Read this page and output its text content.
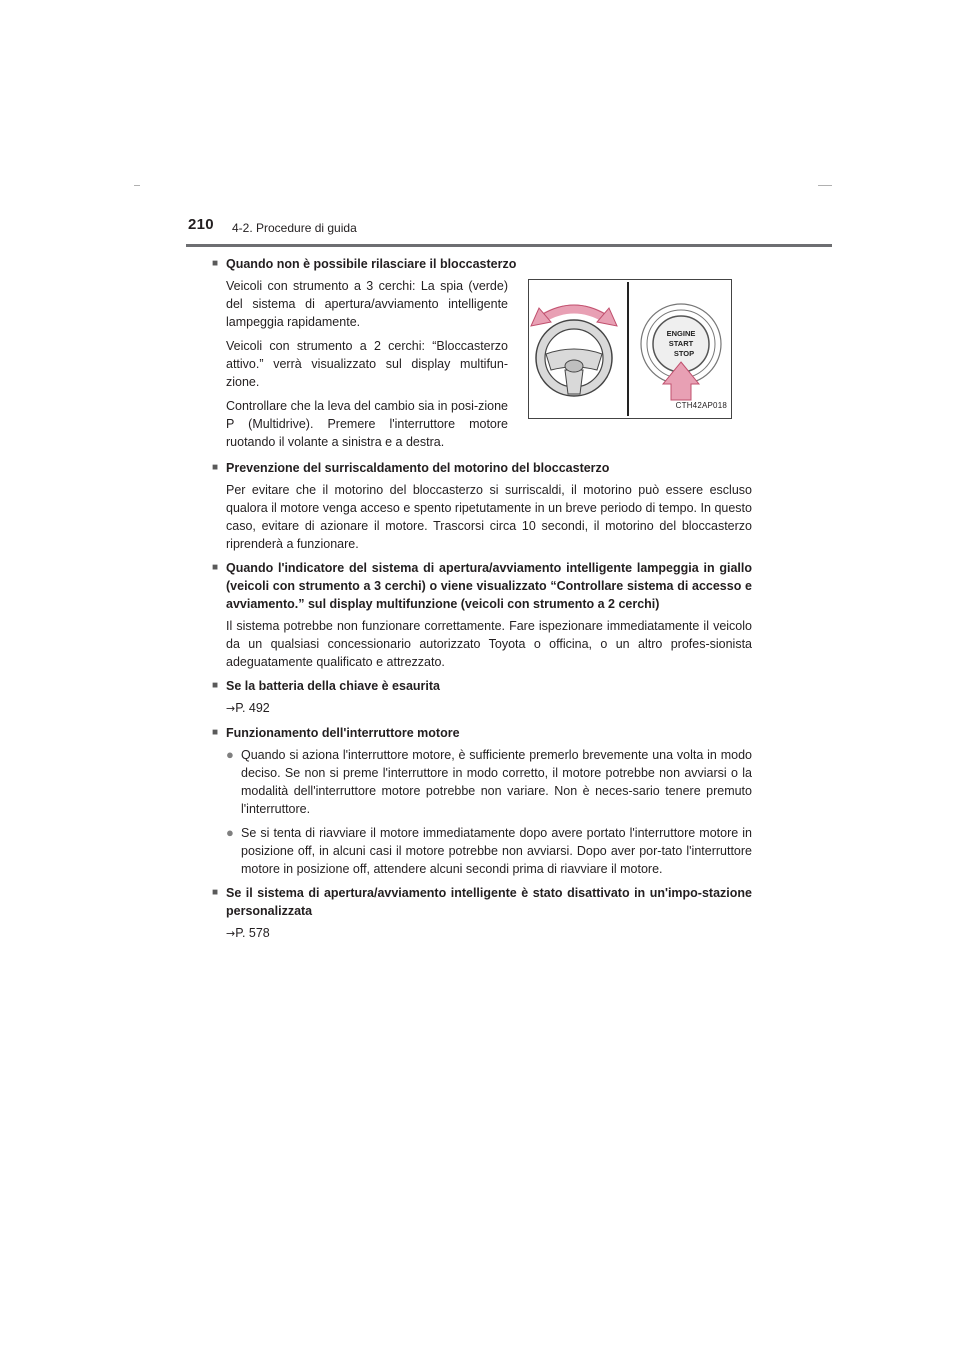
210 4-2. Procedure di guida
■ Quando non è possibile rilasciare il bloccasterzo

Veicoli con strumento a 3 cerchi: La spia (verde) del sistema di apertura/avviamento intelligente lampeggia rapidamente.

Veicoli con strumento a 2 cerchi: “Bloccasterzo attivo.” verrà visualizzato sul display multifun-zione.

Controllare che la leva del cambio sia in posi-zione P (Multidrive). Premere l'interruttore motore ruotando il volante a sinistra e a destra.

ENGINE
START
STOP
CTH42AP018
■ Prevenzione del surriscaldamento del motorino del bloccasterzo

Per evitare che il motorino del bloccasterzo si surriscaldi, il motorino può essere escluso qualora il motore venga acceso e spento ripetutamente in un breve periodo di tempo. In questo caso, evitare di azionare il motore. Trascorsi circa 10 secondi, il motorino del bloccasterzo riprenderà a funzionare.

■ Quando l'indicatore del sistema di apertura/avviamento intelligente lampeggia in giallo (veicoli con strumento a 3 cerchi) o viene visualizzato “Controllare sistema di accesso e avviamento.” sul display multifunzione (veicoli con strumento a 2 cerchi)

Il sistema potrebbe non funzionare correttamente. Fare ispezionare immediatamente il veicolo da un qualsiasi concessionario autorizzato Toyota o officina, o un altro profes-sionista adeguatamente qualificato e attrezzato.

■ Se la batteria della chiave è esaurita

→P. 492

■ Funzionamento dell'interruttore motore
● Quando si aziona l'interruttore motore, è sufficiente premerlo brevemente una volta in modo deciso. Se non si preme l'interruttore in modo corretto, il motore potrebbe non avviarsi o la modalità dell'interruttore motore potrebbe non variare. Non è neces-sario tenere premuto l'interruttore.

● Se si tenta di riavviare il motore immediatamente dopo avere portato l'interruttore motore in posizione off, in alcuni casi il motore potrebbe non avviarsi. Dopo aver por-tato l'interruttore motore in posizione off, attendere alcuni secondi prima di riavviare il motore.

■ Se il sistema di apertura/avviamento intelligente è stato disattivato in un'impo-stazione personalizzata

→P. 578
